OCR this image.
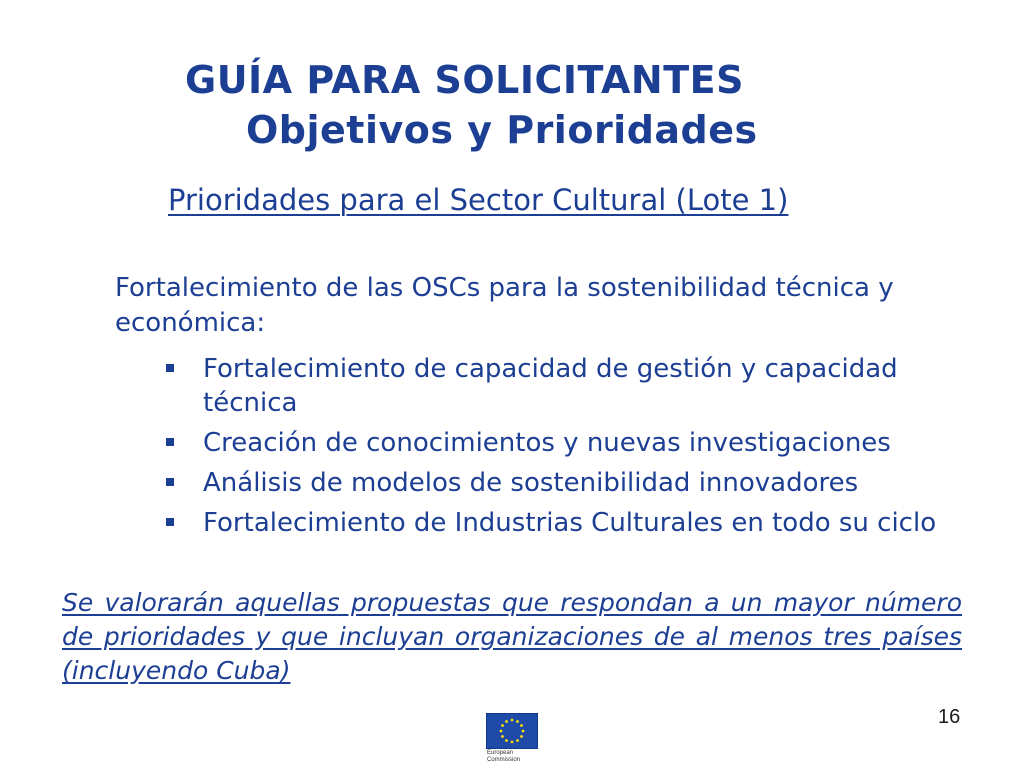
GUÍA PARA SOLICITANTES
Objetivos y Prioridades
Prioridades para el Sector Cultural (Lote 1)
Fortalecimiento de las OSCs para la sostenibilidad técnica y económica:
Fortalecimiento de capacidad de gestión y capacidad técnica
Creación de conocimientos y nuevas investigaciones
Análisis de modelos de sostenibilidad innovadores
Fortalecimiento de Industrias Culturales en todo su ciclo
Se valorarán aquellas propuestas que respondan a un mayor número de prioridades y que incluyan organizaciones de al menos tres países (incluyendo Cuba)
16
European
Commission
